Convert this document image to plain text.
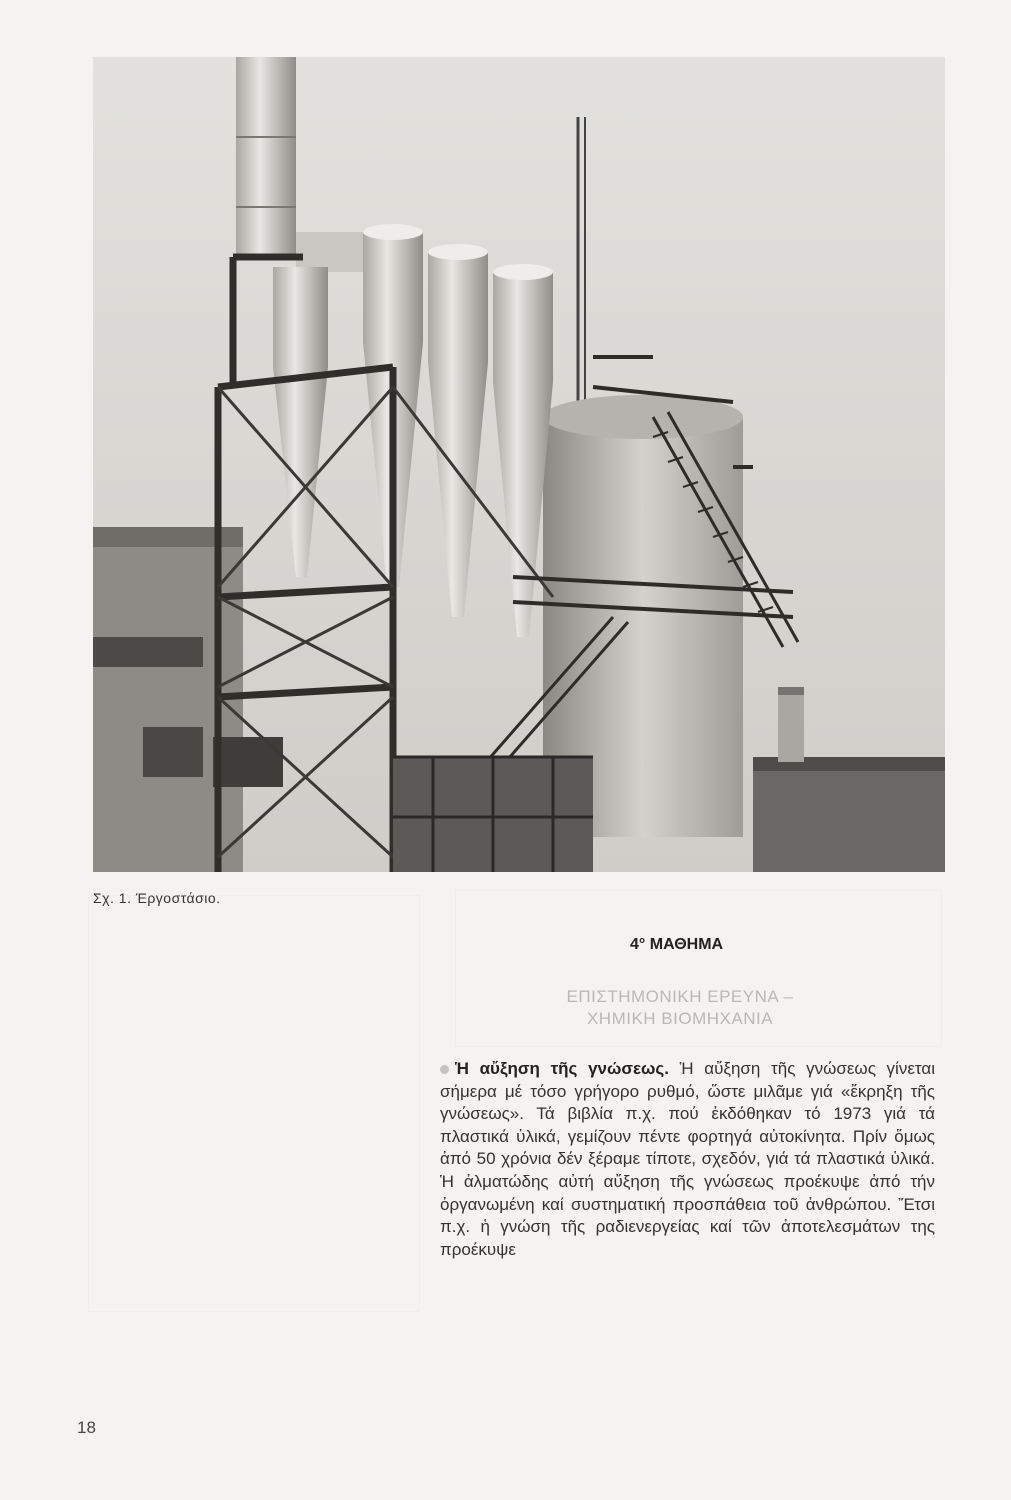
Σχ. 1. Έργοστάσιο.
4° ΜΑΘΗΜΑ
ΕΠΙΣΤΗΜΟΝΙΚΗ ΕΡΕΥΝΑ –
ΧΗΜΙΚΗ ΒΙΟΜΗΧΑΝΙΑ

Ἡ αὔξηση τῆς γνώσεως. Ἡ αὔξηση τῆς γνώσεως γίνεται σήμερα μέ τόσο γρήγορο ρυθμό, ὥστε μιλᾶμε γιά «ἔκρηξη τῆς γνώσεως». Τά βιβλία π.χ. πού ἐκδόθηκαν τό 1973 γιά τά πλαστικά ὑλικά, γεμίζουν πέντε φορτηγά αὐτοκίνητα. Πρίν ὅμως ἀπό 50 χρόνια δέν ξέραμε τίποτε, σχεδόν, γιά τά πλαστικά ὑλικά. Ἡ ἀλματώδης αὐτή αὔξηση τῆς γνώσεως προέκυψε ἀπό τήν ὀργανωμένη καί συστηματική προσπάθεια τοῦ ἀνθρώπου. Ἔτσι π.χ. ἡ γνώση τῆς ραδιενεργείας καί τῶν ἀποτελεσμάτων της προέκυψε

18
